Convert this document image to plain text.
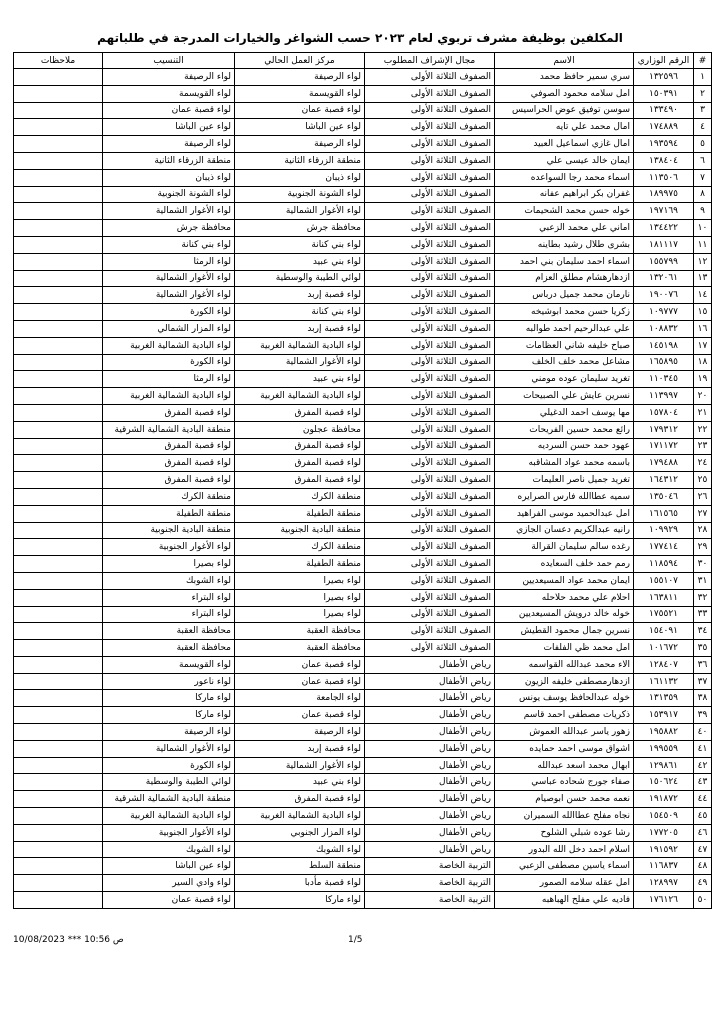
المكلفين بوظيفة مشرف تربوي لعام ٢٠٢٣ حسب الشواغر والخيارات المدرجة في طلباتهم
#	الرقم الوزاري	الاسم	مجال الإشراف المطلوب	مركز العمل الحالي	التنسيب	ملاحظات
١	١٣٢٥٩٦	سري سمير حافظ محمد	الصفوف الثلاثة الأولى	لواء الرصيفة	لواء الرصيفة	
٢	١٥٠٣٩١	امل سلامه محمود الصوفي	الصفوف الثلاثة الأولى	لواء القويسمة	لواء القويسمة	
٣	١٣٣٤٩٠	سوسن توفيق عوض الحراسيس	الصفوف الثلاثة الأولى	لواء قصبة عمان	لواء قصبة عمان	
٤	١٧٤٨٨٩	امال محمد علي تايه	الصفوف الثلاثة الأولى	لواء عين الباشا	لواء عين الباشا	
٥	١٩٣٥٩٤	امال غازي اسماعيل العبيد	الصفوف الثلاثة الأولى	لواء الرصيفة	لواء الرصيفة	
٦	١٣٨٤٠٤	ايمان خالد عيسى علي	الصفوف الثلاثة الأولى	منطقة الزرقاء الثانية	منطقة الزرقاء الثانية	
٧	١١٣٥٠٦	اسماء محمد رجا السواعده	الصفوف الثلاثة الأولى	لواء ذيبان	لواء ذيبان	
٨	١٨٩٩٧٥	غفران بكر ابراهيم عفانه	الصفوف الثلاثة الأولى	لواء الشونة الجنوبية	لواء الشونة الجنوبية	
٩	١٩٧١٦٩	خوله حسن محمد الشحيمات	الصفوف الثلاثة الأولى	لواء الأغوار الشمالية	لواء الأغوار الشمالية	
١٠	١٣٤٤٢٢	اماني علي محمد الزعبي	الصفوف الثلاثة الأولى	محافظة جرش	محافظة جرش	
١١	١٨١١١٧	بشرى طلال رشيد بطاينه	الصفوف الثلاثة الأولى	لواء بني كنانة	لواء بني كنانة	
١٢	١٥٥٧٩٩	اسماء احمد سليمان بني احمد	الصفوف الثلاثة الأولى	لواء بني عبيد	لواء الرمثا	
١٣	١٣٢٠٦١	ازدهارهشام مطلق العزام	الصفوف الثلاثة الأولى	لوائي الطيبة والوسطية	لواء الأغوار الشمالية	
١٤	١٩٠٠٧٦	نارمان محمد جميل درباس	الصفوف الثلاثة الأولى	لواء قصبة إربد	لواء الأغوار الشمالية	
١٥	١٠٩٧٧٧	زكريا حسن محمد ابوشيخه	الصفوف الثلاثة الأولى	لواء بني كنانة	لواء الكورة	
١٦	١٠٨٨٣٢	علي عبدالرحيم احمد طوالبه	الصفوف الثلاثة الأولى	لواء قصبة إربد	لواء المزار الشمالي	
١٧	١٤٥١٩٨	صباح خليفه شاني العظامات	الصفوف الثلاثة الأولى	لواء البادية الشمالية الغربية	لواء البادية الشمالية الغربية	
١٨	١٦٥٨٩٥	مشاعل محمد خلف الخلف	الصفوف الثلاثة الأولى	لواء الأغوار الشمالية	لواء الكورة	
١٩	١١٠٣٤٥	تغريد سليمان عوده مومني	الصفوف الثلاثة الأولى	لواء بني عبيد	لواء الرمثا	
٢٠	١١٣٩٩٧	نسرين عايش علي الصبيحات	الصفوف الثلاثة الأولى	لواء البادية الشمالية الغربية	لواء البادية الشمالية الغربية	
٢١	١٥٧٨٠٤	مها يوسف احمد الدغيلي	الصفوف الثلاثة الأولى	لواء قصبة المفرق	لواء قصبة المفرق	
٢٢	١٧٩٣١٢	رائع محمد حسين الفريحات	الصفوف الثلاثة الأولى	محافظة عجلون	منطقة البادية الشمالية الشرقية	
٢٣	١٧١١٧٢	عهود حمد حسن السرديه	الصفوف الثلاثة الأولى	لواء قصبة المفرق	لواء قصبة المفرق	
٢٤	١٧٩٤٨٨	باسمه محمد عواد المشاقبه	الصفوف الثلاثة الأولى	لواء قصبة المفرق	لواء قصبة المفرق	
٢٥	١٦٤٣١٢	تغريد جميل ناصر العليمات	الصفوف الثلاثة الأولى	لواء قصبة المفرق	لواء قصبة المفرق	
٢٦	١٣٥٠٤٦	سميه عطاالله فارس الصرايره	الصفوف الثلاثة الأولى	منطقة الكرك	منطقة الكرك	
٢٧	١٦١٥٦٥	امل عبدالحميد موسى الفراهيد	الصفوف الثلاثة الأولى	منطقة الطفيلة	منطقة الطفيلة	
٢٨	١٠٩٩٢٩	رانيه عبدالكريم دعسان الجازي	الصفوف الثلاثة الأولى	منطقة البادية الجنوبية	منطقة البادية الجنوبية	
٢٩	١٧٧٤١٤	رغده سالم سليمان القرالة	الصفوف الثلاثة الأولى	منطقة الكرك	لواء الأغوار الجنوبية	
٣٠	١١٨٥٩٤	رمم حمد خلف السعايده	الصفوف الثلاثة الأولى	منطقة الطفيلة	لواء بصيرا	
٣١	١٥٥١٠٧	ايمان محمد عواد المسيعديين	الصفوف الثلاثة الأولى	لواء بصيرا	لواء الشوبك	
٣٢	١٦٣٨١١	احلام علي محمد حلاحله	الصفوف الثلاثة الأولى	لواء بصيرا	لواء البتراء	
٣٣	١٧٥٥٢١	خوله خالد درويش المسيعديين	الصفوف الثلاثة الأولى	لواء بصيرا	لواء البتراء	
٣٤	١٥٤٠٩١	نسرين جمال محمود القطيش	الصفوف الثلاثة الأولى	محافظة العقبة	محافظة العقبة	
٣٥	١٠١٦٧٢	امل محمد ظي الفلفات	الصفوف الثلاثة الأولى	محافظة العقبة	محافظة العقبة	
٣٦	١٢٨٤٠٧	الاء محمد عبدالله القواسمه	رياض الأطفال	لواء قصبة عمان	لواء القويسمة	
٣٧	١٦١١٣٢	ازدهارمصطفى خليفه الزيون	رياض الأطفال	لواء قصبة عمان	لواء ناعور	
٣٨	١٣١٣٥٩	خوله عبدالحافظ يوسف يونس	رياض الأطفال	لواء الجامعة	لواء ماركا	
٣٩	١٥٣٩١٧	ذكريات مصطفى احمد قاسم	رياض الأطفال	لواء قصبة عمان	لواء ماركا	
٤٠	١٩٥٨٨٢	زهور ياسر عبدالله العموش	رياض الأطفال	لواء الرصيفة	لواء الرصيفة	
٤١	١٩٩٥٥٩	اشواق موسى احمد حمايده	رياض الأطفال	لواء قصبة إربد	لواء الأغوار الشمالية	
٤٢	١٢٩٨٦١	ابهال محمد اسعد عبدالله	رياض الأطفال	لواء الأغوار الشمالية	لواء الكورة	
٤٣	١٥٠٦٢٤	صفاء جورج شحاده عباسي	رياض الأطفال	لواء بني عبيد	لوائي الطيبة والوسطية	
٤٤	١٩١٨٧٢	نعمه محمد حسن ابوصيام	رياض الأطفال	لواء قصبة المفرق	منطقة البادية الشمالية الشرقية	
٤٥	١٥٤٥٠٩	نجاه مفلح عطاالله السميران	رياض الأطفال	لواء البادية الشمالية الغربية	لواء البادية الشمالية الغربية	
٤٦	١٧٧٢٠٥	رشا عوده شبلي الشلوح	رياض الأطفال	لواء المزار الجنوبي	لواء الأغوار الجنوبية	
٤٧	١٩١٥٩٢	اسلام احمد دخل الله البدور	رياض الأطفال	لواء الشوبك	لواء الشوبك	
٤٨	١١٦٨٣٧	اسماء ياسين مصطفى الزعبي	التربية الخاصة	منطقة السلط	لواء عين الباشا	
٤٩	١٢٨٩٩٧	امل عقله سلامه الصمور	التربية الخاصة	لواء قصبة مأدبا	لواء وادي السير	
٥٠	١٧٦١٢٦	فاديه علي مفلح الهباهبه	التربية الخاصة	لواء ماركا	لواء قصبة عمان	
1/5
10/08/2023 *** 10:56 ص
